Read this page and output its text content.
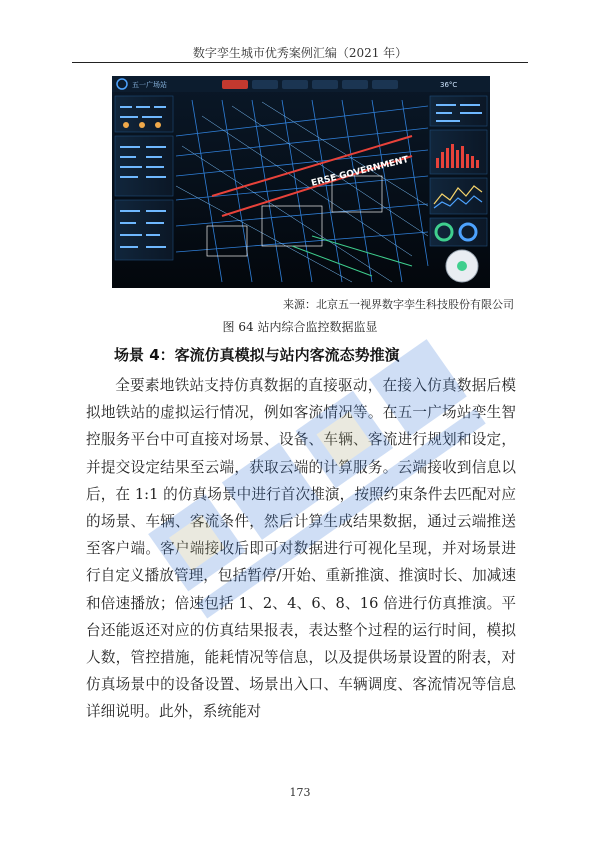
数字孪生城市优秀案例汇编（2021 年）
五一广场站	36°C
ERSE GOVERNMENT
来源：北京五一视界数字孪生科技股份有限公司
图 64 站内综合监控数据监显
场景 4：客流仿真模拟与站内客流态势推演

全要素地铁站支持仿真数据的直接驱动，在接入仿真数据后模拟地铁站的虚拟运行情况，例如客流情况等。在五一广场站孪生智控服务平台中可直接对场景、设备、车辆、客流进行规划和设定，并提交设定结果至云端，获取云端的计算服务。云端接收到信息以后，在 1:1 的仿真场景中进行首次推演，按照约束条件去匹配对应的场景、车辆、客流条件，然后计算生成结果数据，通过云端推送至客户端。客户端接收后即可对数据进行可视化呈现，并对场景进行自定义播放管理，包括暂停/开始、重新推演、推演时长、加减速和倍速播放；倍速包括 1、2、4、6、8、16 倍进行仿真推演。平台还能返还对应的仿真结果报表，表达整个过程的运行时间，模拟人数，管控措施，能耗情况等信息，以及提供场景设置的附表，对仿真场景中的设备设置、场景出入口、车辆调度、客流情况等信息详细说明。此外，系统能对

173
